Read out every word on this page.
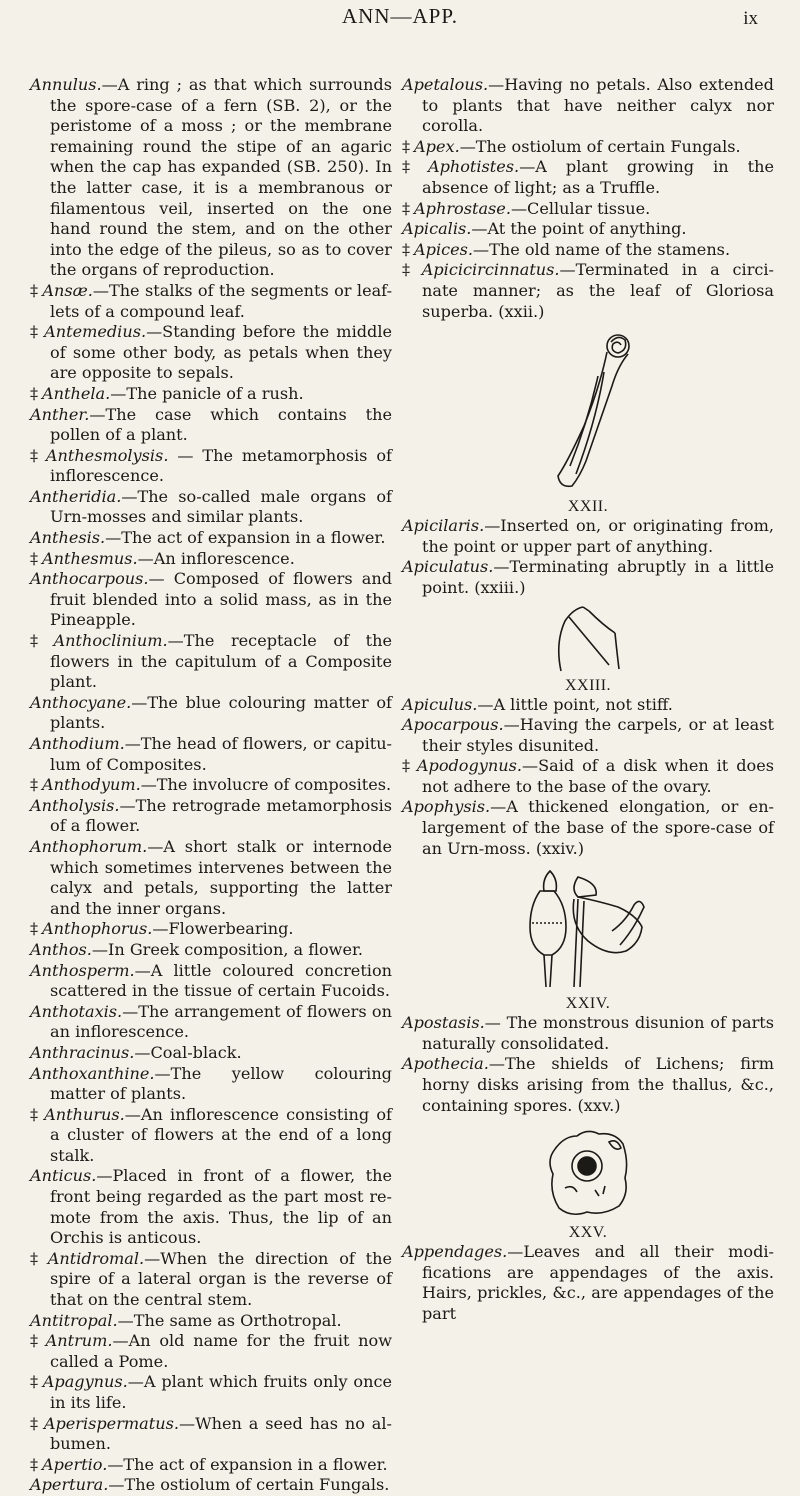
ANN—APP.	ix

Annulus.—A ring ; as that which surrounds the spore-case of a fern (SB. 2), or the peristome of a moss ; or the membrane remaining round the stipe of an agaric when the cap has expanded (SB. 250). In the latter case, it is a membranous or filamentous veil, inserted on the one hand round the stem, and on the other into the edge of the pileus, so as to cover the organs of reproduction.

‡ Ansæ.—The stalks of the segments or leaf-lets of a compound leaf.

‡ Antemedius.—Standing before the middle of some other body, as petals when they are opposite to sepals.

‡ Anthela.—The panicle of a rush.

Anther.—The case which contains the pollen of a plant.

‡ Anthesmolysis. — The metamorphosis of inflorescence.

Antheridia.—The so-called male organs of Urn-mosses and similar plants.

Anthesis.—The act of expansion in a flower.

‡ Anthesmus.—An inflorescence.

Anthocarpous.— Composed of flowers and fruit blended into a solid mass, as in the Pineapple.

‡ Anthoclinium.—The receptacle of the flowers in the capitulum of a Composite plant.

Anthocyane.—The blue colouring matter of plants.

Anthodium.—The head of flowers, or capitu-lum of Composites.

‡ Anthodyum.—The involucre of composites.

Antholysis.—The retrograde metamorphosis of a flower.

Anthophorum.—A short stalk or internode which sometimes intervenes between the calyx and petals, supporting the latter and the inner organs.

‡ Anthophorus.—Flowerbearing.

Anthos.—In Greek composition, a flower.

Anthosperm.—A little coloured concretion scattered in the tissue of certain Fucoids.

Anthotaxis.—The arrangement of flowers on an inflorescence.

Anthracinus.—Coal-black.

Anthoxanthine.—The yellow colouring matter of plants.

‡ Anthurus.—An inflorescence consisting of a cluster of flowers at the end of a long stalk.

Anticus.—Placed in front of a flower, the front being regarded as the part most re-mote from the axis. Thus, the lip of an Orchis is anticous.

‡ Antidromal.—When the direction of the spire of a lateral organ is the reverse of that on the central stem.

Antitropal.—The same as Orthotropal.

‡ Antrum.—An old name for the fruit now called a Pome.

‡ Apagynus.—A plant which fruits only once in its life.

‡ Aperispermatus.—When a seed has no al-bumen.

‡ Apertio.—The act of expansion in a flower.

Apertura.—The ostiolum of certain Fungals.

Apetalous.—Having no petals. Also extended to plants that have neither calyx nor corolla.

‡ Apex.—The ostiolum of certain Fungals.

‡ Aphotistes.—A plant growing in the absence of light; as a Truffle.

‡ Aphrostase.—Cellular tissue.

Apicalis.—At the point of anything.

‡ Apices.—The old name of the stamens.

‡ Apicicircinnatus.—Terminated in a circi-nate manner; as the leaf of Gloriosa superba. (xxii.)

XXII.

Apicilaris.—Inserted on, or originating from, the point or upper part of anything.

Apiculatus.—Terminating abruptly in a little point. (xxiii.)

XXIII.

Apiculus.—A little point, not stiff.

Apocarpous.—Having the carpels, or at least their styles disunited.

‡ Apodogynus.—Said of a disk when it does not adhere to the base of the ovary.

Apophysis.—A thickened elongation, or en-largement of the base of the spore-case of an Urn-moss. (xxiv.)

XXIV.

Apostasis.— The monstrous disunion of parts naturally consolidated.

Apothecia.—The shields of Lichens; firm horny disks arising from the thallus, &c., containing spores. (xxv.)

XXV.

Appendages.—Leaves and all their modi-fications are appendages of the axis. Hairs, prickles, &c., are appendages of the part
